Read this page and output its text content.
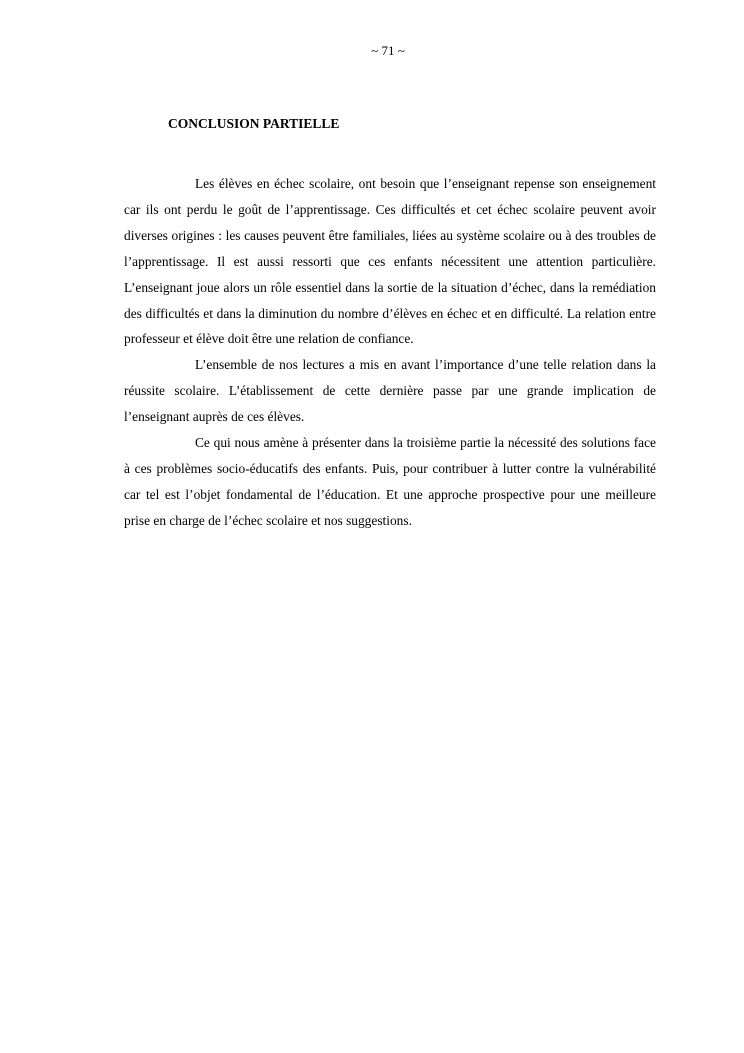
~ 71 ~
CONCLUSION PARTIELLE

Les élèves en échec scolaire, ont besoin que l’enseignant repense son enseignement car ils ont perdu le goût de l’apprentissage. Ces difficultés et cet échec scolaire peuvent avoir diverses origines : les causes peuvent être familiales, liées au système scolaire ou à des troubles de l’apprentissage. Il est aussi ressorti que ces enfants nécessitent une attention particulière. L’enseignant joue alors un rôle essentiel dans la sortie de la situation d’échec, dans la remédiation des difficultés et dans la diminution du nombre d’élèves en échec et en difficulté. La relation entre professeur et élève doit être une relation de confiance.

L’ensemble de nos lectures a mis en avant l’importance d’une telle relation dans la réussite scolaire. L’établissement de cette dernière passe par une grande implication de l’enseignant auprès de ces élèves.

Ce qui nous amène à présenter dans la troisième partie la nécessité des solutions face à ces problèmes socio-éducatifs des enfants. Puis, pour contribuer à lutter contre la vulnérabilité car tel est l’objet fondamental de l’éducation. Et une approche prospective pour une meilleure prise en charge de l’échec scolaire et nos suggestions.
